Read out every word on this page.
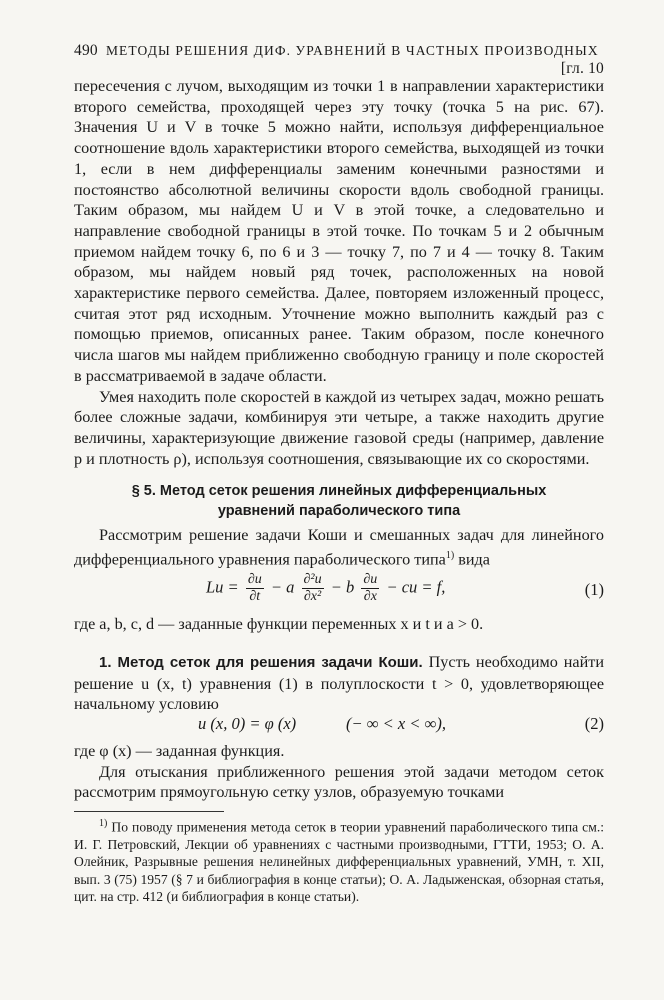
490 МЕТОДЫ РЕШЕНИЯ ДИФ. УРАВНЕНИЙ В ЧАСТНЫХ ПРОИЗВОДНЫХ
[гл. 10

пересечения с лучом, выходящим из точки 1 в направлении характеристики второго семейства, проходящей через эту точку (точка 5 на рис. 67). Значения U и V в точке 5 можно найти, используя дифференциальное соотношение вдоль характеристики второго семейства, выходящей из точки 1, если в нем дифференциалы заменим конечными разностями и постоянство абсолютной величины скорости вдоль свободной границы. Таким образом, мы найдем U и V в этой точке, а следовательно и направление свободной границы в этой точке. По точкам 5 и 2 обычным приемом найдем точку 6, по 6 и 3 — точку 7, по 7 и 4 — точку 8. Таким образом, мы найдем новый ряд точек, расположенных на новой характеристике первого семейства. Далее, повторяем изложенный процесс, считая этот ряд исходным. Уточнение можно выполнить каждый раз с помощью приемов, описанных ранее. Таким образом, после конечного числа шагов мы найдем приближенно свободную границу и поле скоростей в рассматриваемой в задаче области.

Умея находить поле скоростей в каждой из четырех задач, можно решать более сложные задачи, комбинируя эти четыре, а также находить другие величины, характеризующие движение газовой среды (например, давление p и плотность ρ), используя соотношения, связывающие их со скоростями.

§ 5. Метод сеток решения линейных дифференциальных
уравнений параболического типа

Рассмотрим решение задачи Коши и смешанных задач для линейного дифференциального уравнения параболического типа$^{1)}$ вида

$Lu = \frac{\partial u}{\partial t} - a \frac{\text{∂²u}}{\text{∂x²}} - b \frac{\partial u}{\partial x}$ − cu = f,	(1)

где a, b, c, d — заданные функции переменных x и t и a > 0.

1. Метод сеток для решения задачи Коши. Пусть необходимо найти решение u (x, t) уравнения (1) в полуплоскости t > 0, удовлетворяющее начальному условию

u (x, 0) = φ (x)	(− ∞ < x < ∞),	(2)

где φ (x) — заданная функция.

Для отыскания приближенного решения этой задачи методом сеток рассмотрим прямоугольную сетку узлов, образуемую точками

$^{1)}$ По поводу применения метода сеток в теории уравнений параболического типа см.: И. Г. Петровский, Лекции об уравнениях с частными производными, ГТТИ, 1953; О. А. Олейник, Разрывные решения нелинейных дифференциальных уравнений, УМН, т. XII, вып. 3 (75) 1957 (§ 7 и библиография в конце статьи); О. А. Ладыженская, обзорная статья, цит. на стр. 412 (и библиография в конце статьи).
